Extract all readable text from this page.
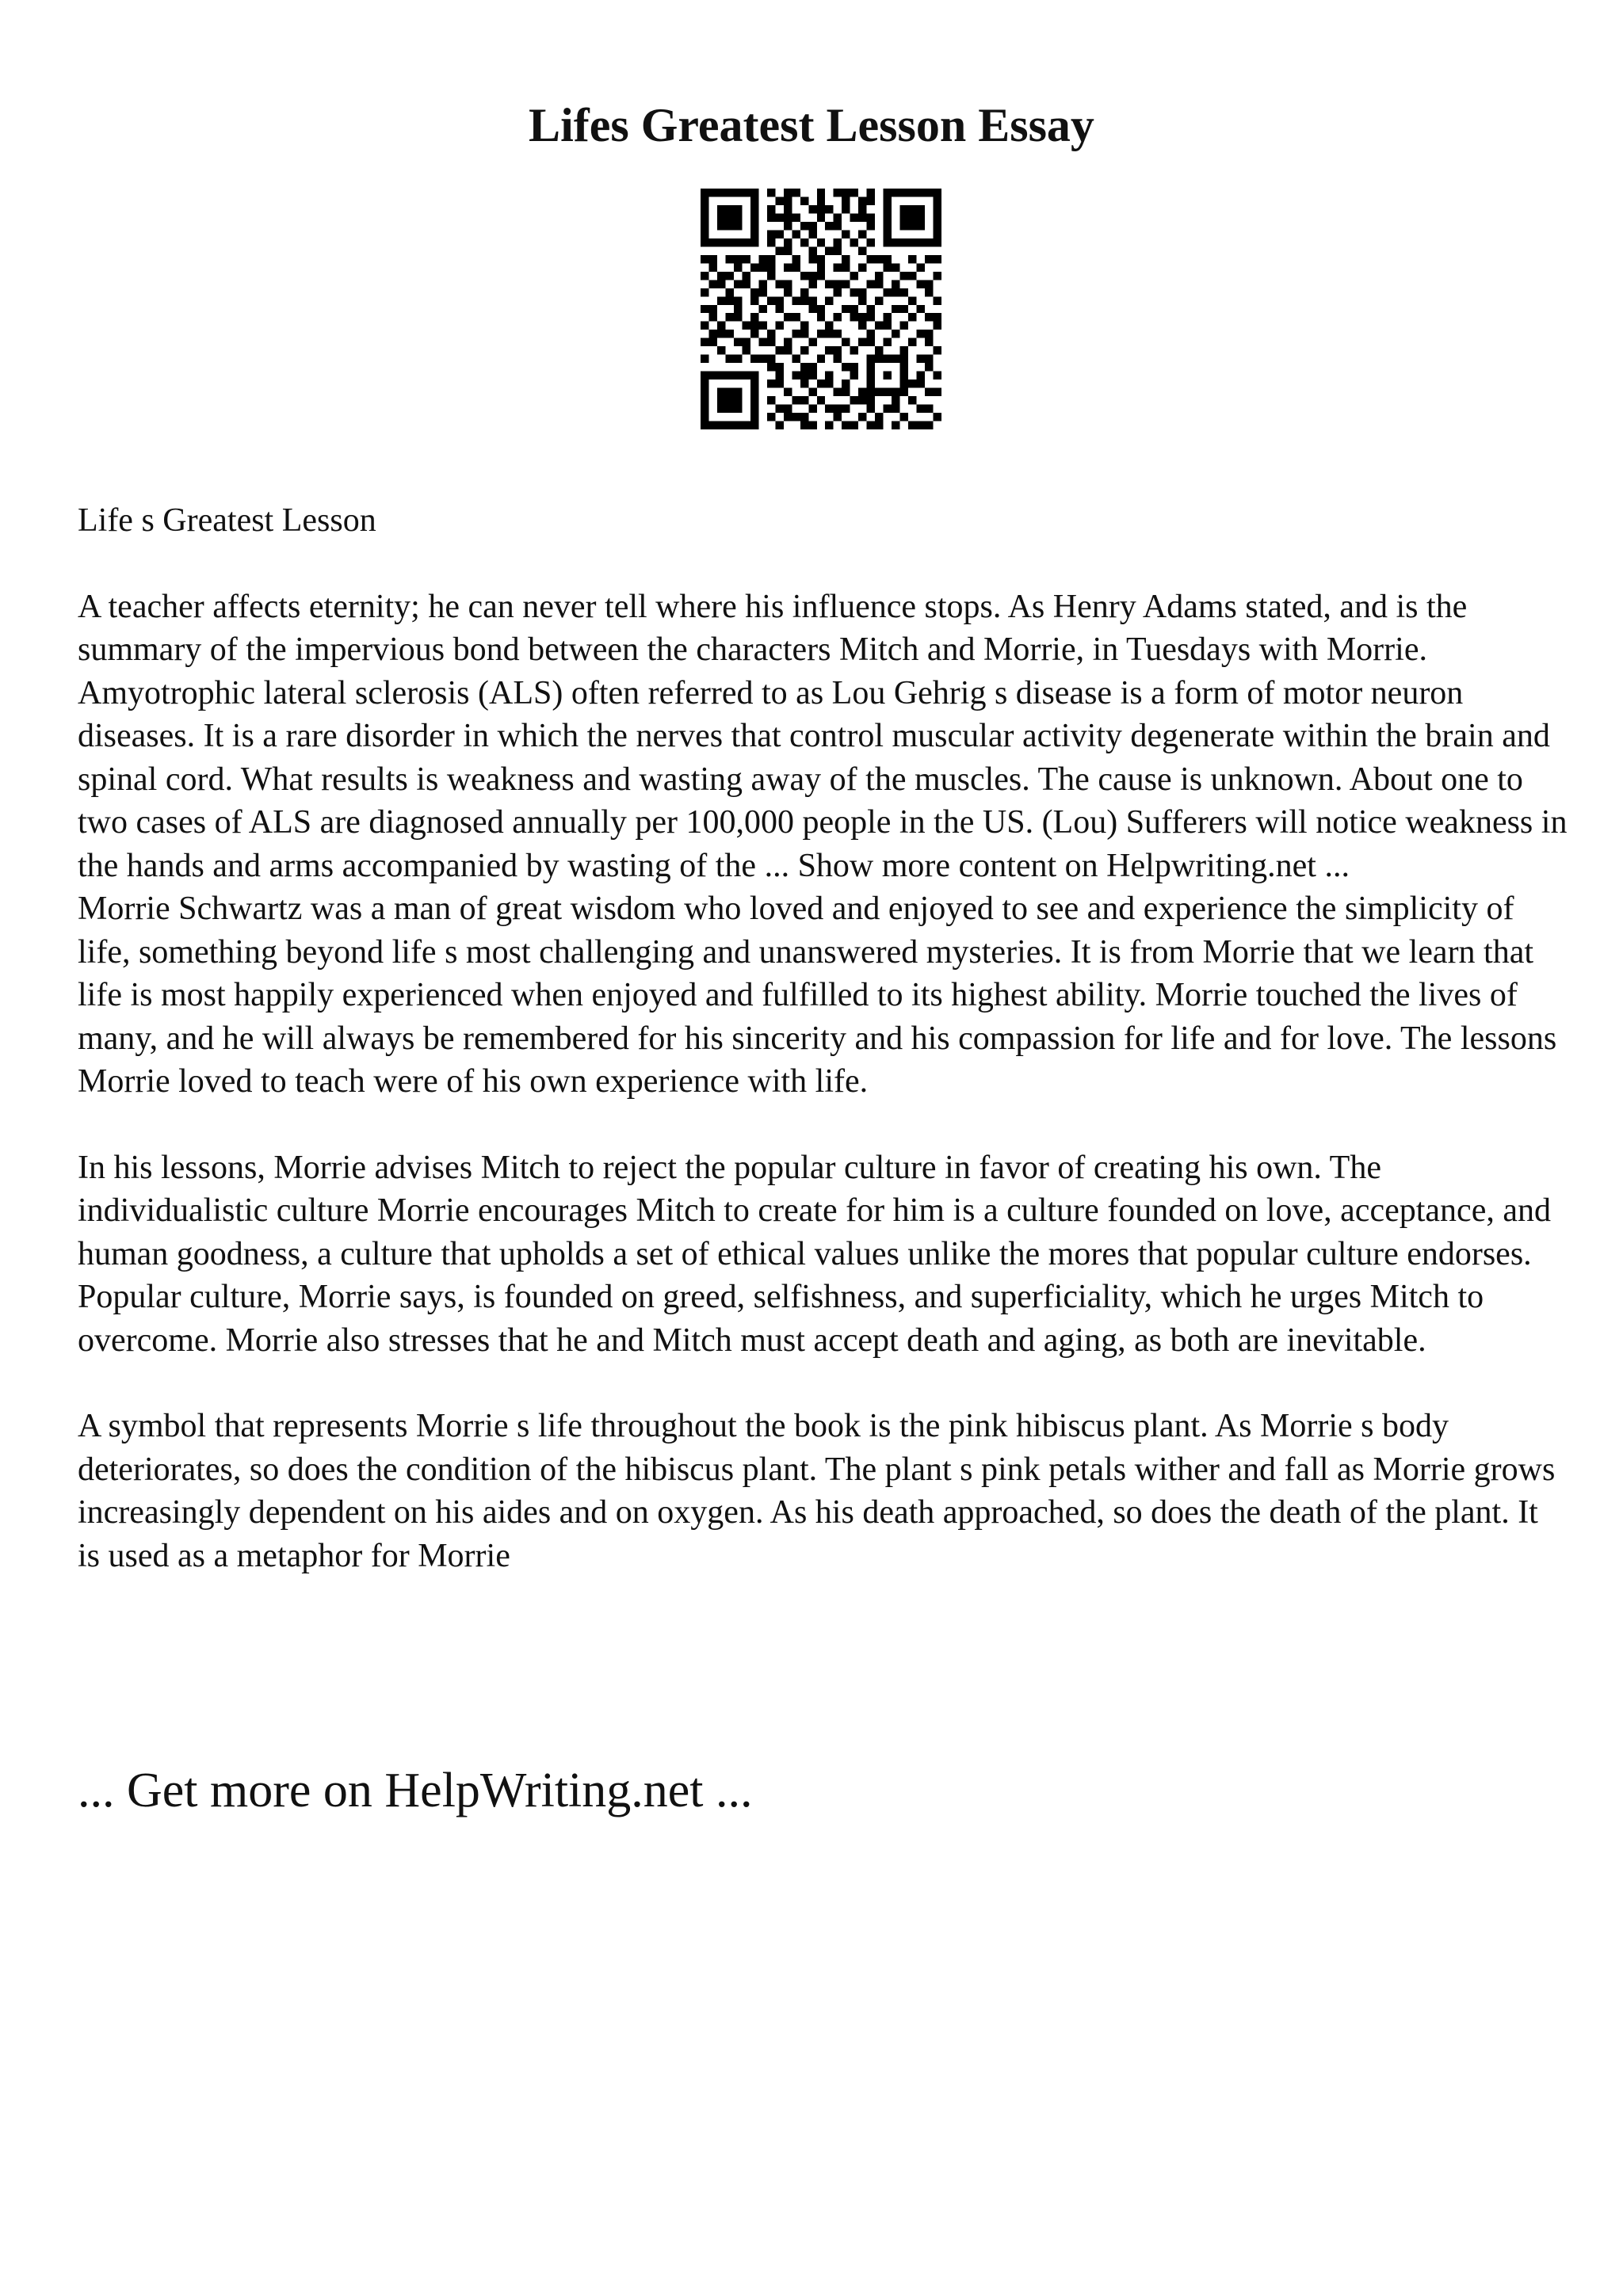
Lifes Greatest Lesson Essay

Life s Greatest Lesson

A teacher affects eternity; he can never tell where his influence stops. As Henry Adams stated, and is the summary of the impervious bond between the characters Mitch and Morrie, in Tuesdays with Morrie. Amyotrophic lateral sclerosis (ALS) often referred to as Lou Gehrig s disease is a form of motor neuron diseases. It is a rare disorder in which the nerves that control muscular activity degenerate within the brain and spinal cord. What results is weakness and wasting away of the muscles. The cause is unknown. About one to two cases of ALS are diagnosed annually per 100,000 people in the US. (Lou) Sufferers will notice weakness in the hands and arms accompanied by wasting of the ... Show more content on Helpwriting.net ...

Morrie Schwartz was a man of great wisdom who loved and enjoyed to see and experience the simplicity of life, something beyond life s most challenging and unanswered mysteries. It is from Morrie that we learn that life is most happily experienced when enjoyed and fulfilled to its highest ability. Morrie touched the lives of many, and he will always be remembered for his sincerity and his compassion for life and for love. The lessons Morrie loved to teach were of his own experience with life.

In his lessons, Morrie advises Mitch to reject the popular culture in favor of creating his own. The individualistic culture Morrie encourages Mitch to create for him is a culture founded on love, acceptance, and human goodness, a culture that upholds a set of ethical values unlike the mores that popular culture endorses. Popular culture, Morrie says, is founded on greed, selfishness, and superficiality, which he urges Mitch to overcome. Morrie also stresses that he and Mitch must accept death and aging, as both are inevitable.

A symbol that represents Morrie s life throughout the book is the pink hibiscus plant. As Morrie s body deteriorates, so does the condition of the hibiscus plant. The plant s pink petals wither and fall as Morrie grows increasingly dependent on his aides and on oxygen. As his death approached, so does the death of the plant. It is used as a metaphor for Morrie

... Get more on HelpWriting.net ...
